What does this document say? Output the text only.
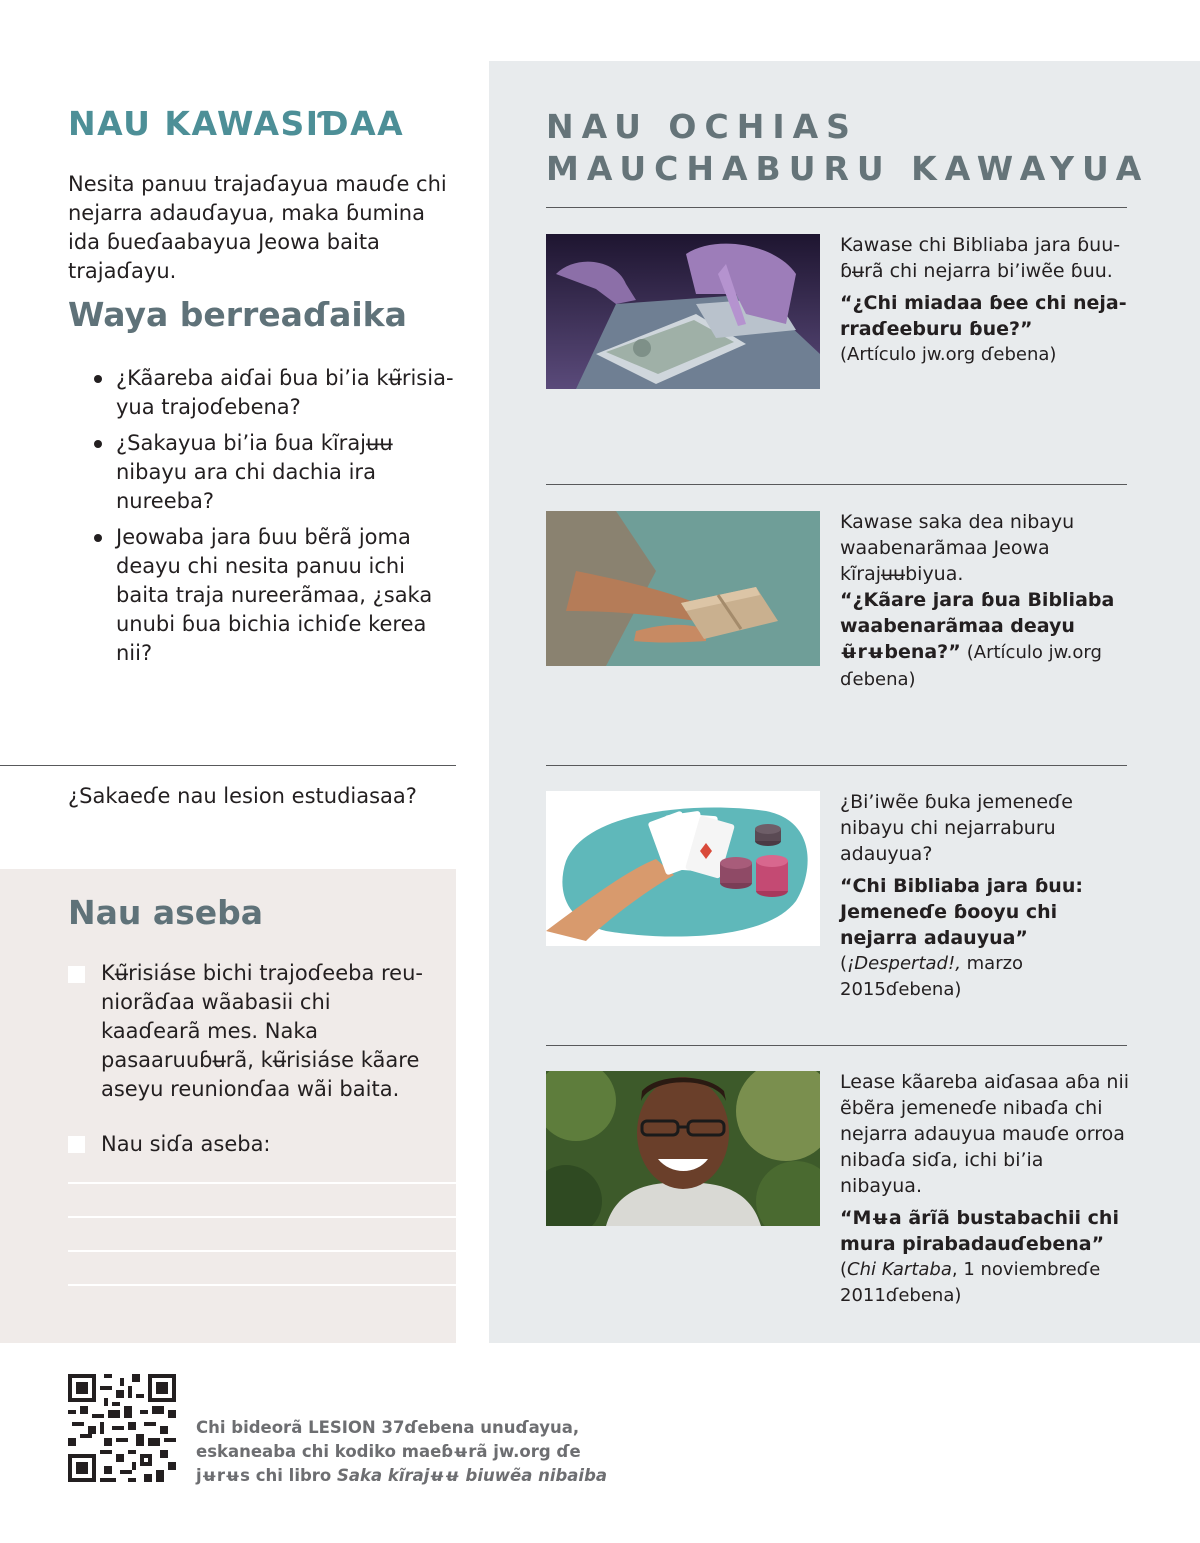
NAU KAWASIƊAA

Nesita panuu trajaɗayua mauɗe chi nejarra adauɗayua, maka ɓumina ida ɓueɗaabayua Jeowa baita trajaɗayu.

Waya berreaɗaika
¿Kãareba aiɗai ɓua bi’ia kʉ̃risiayua trajoɗebena?
¿Sakayua bi’ia ɓua kĩrajʉʉ nibayu ara chi dachia ira nureeba?
Jeowaba jara ɓuu bẽrã joma deayu chi nesita panuu ichi baita traja nureerãmaa, ¿saka unubi ɓua bichia ichiɗe kerea nii?

¿Sakaeɗe nau lesion estudiasaa?

Nau aseba

Kʉ̃risiáse bichi trajoɗeeba reuniorãɗaa wãabasii chi kaaɗearã mes. Naka pasaaruuɓʉrã, kʉ̃risiáse kãare aseyu reunionɗaa wãi baita.

Nau siɗa aseba:

NAU OCHIAS
MAUCHABURU KAWAYUA
Kawase chi Bibliaba jara ɓuuɓʉrã chi nejarra bi’iwẽe ɓuu.
“¿Chi miadaa ɓee chi nejarraɗeeburu ɓue?”
(Artículo jw.org ɗebena)
Kawase saka dea nibayu waabenarãmaa Jeowa kĩrajʉʉbiyua.
“¿Kãare jara ɓua Bibliaba waabenarãmaa deayu ʉ̃rʉbena?” (Artículo jw.org ɗebena)
¿Bi’iwẽe ɓuka jemeneɗe nibayu chi nejarraburu adauyua?
“Chi Bibliaba jara ɓuu: Jemeneɗe ɓooyu chi nejarra adauyua”
(¡Despertad!, marzo 2015ɗebena)
Lease kãareba aiɗasaa aɓa nii ẽbẽra jemeneɗe nibaɗa chi nejarra adauyua mauɗe orroa nibaɗa siɗa, ichi bi’ia nibayua.
“Mʉa ãrĩã bustabachii chi mura pirabadauɗebena”
(Chi Kartaba, 1 noviembreɗe 2011ɗebena)
Chi bideorã LESION 37ɗebena unuɗayua,
eskaneaba chi kodiko maeɓʉrã jw.org ɗe
jʉrʉs chi libro Saka kĩrajʉʉ biuwẽa nibaiba
